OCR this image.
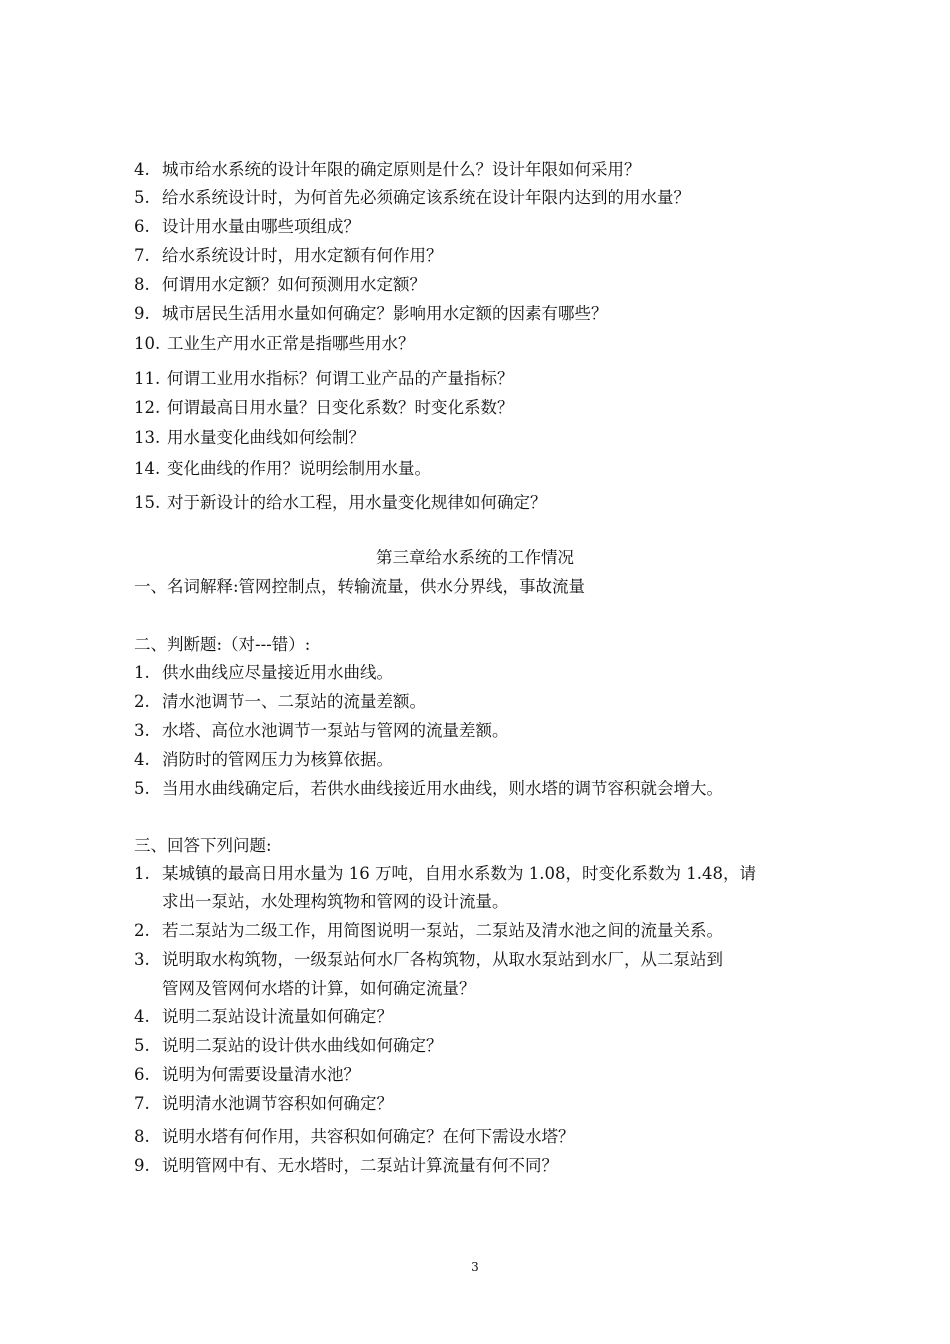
4. 城市给水系统的设计年限的确定原则是什么？设计年限如何采用？
5. 给水系统设计时，为何首先必须确定该系统在设计年限内达到的用水量？
6. 设计用水量由哪些项组成？
7. 给水系统设计时，用水定额有何作用？
8. 何谓用水定额？如何预测用水定额？
9. 城市居民生活用水量如何确定？影响用水定额的因素有哪些？
10. 工业生产用水正常是指哪些用水？
11. 何谓工业用水指标？何谓工业产品的产量指标？
12. 何谓最高日用水量？日变化系数？时变化系数？
13. 用水量变化曲线如何绘制？
14. 变化曲线的作用？说明绘制用水量。
15. 对于新设计的给水工程，用水量变化规律如何确定？
第三章给水系统的工作情况
一、名词解释:管网控制点，转输流量，供水分界线，事故流量
二、判断题:（对---错）:
1. 供水曲线应尽量接近用水曲线。
2. 清水池调节一、二泵站的流量差额。
3. 水塔、高位水池调节一泵站与管网的流量差额。
4. 消防时的管网压力为核算依据。
5. 当用水曲线确定后，若供水曲线接近用水曲线，则水塔的调节容积就会增大。
三、回答下列问题:
1. 某城镇的最高日用水量为 16 万吨，自用水系数为 1.08，时变化系数为 1.48，请
求出一泵站，水处理构筑物和管网的设计流量。
2. 若二泵站为二级工作，用简图说明一泵站，二泵站及清水池之间的流量关系。
3. 说明取水构筑物，一级泵站何水厂各构筑物，从取水泵站到水厂，从二泵站到
管网及管网何水塔的计算，如何确定流量？
4. 说明二泵站设计流量如何确定？
5. 说明二泵站的设计供水曲线如何确定？
6. 说明为何需要设量清水池？
7. 说明清水池调节容积如何确定？
8. 说明水塔有何作用，共容积如何确定？在何下需设水塔？
9. 说明管网中有、无水塔时，二泵站计算流量有何不同？
3
